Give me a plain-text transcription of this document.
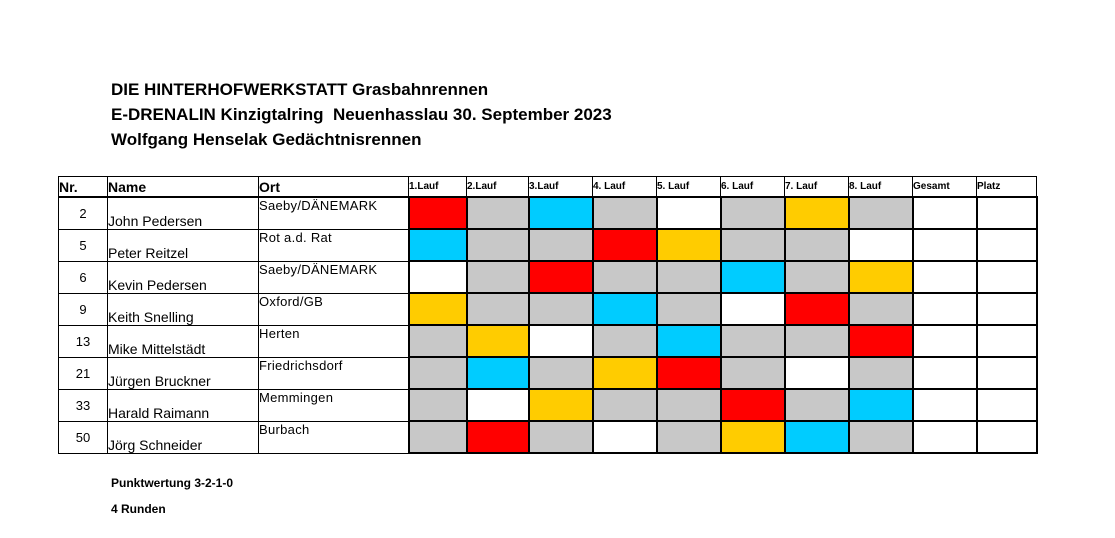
DIE HINTERHOFWERKSTATT Grasbahnrennen
E-DRENALIN Kinzigtalring  Neuenhasslau 30. September 2023
Wolfgang Henselak Gedächtnisrennen
Nr.	Name	Ort	1.Lauf	2.Lauf	3.Lauf	4. Lauf	5. Lauf	6. Lauf	7. Lauf	8. Lauf	Gesamt	Platz
2	John Pedersen	Saeby/DÄNEMARK										
5	Peter Reitzel	Rot a.d. Rat										
6	Kevin Pedersen	Saeby/DÄNEMARK										
9	Keith Snelling	Oxford/GB										
13	Mike Mittelstädt	Herten										
21	Jürgen Bruckner	Friedrichsdorf										
33	Harald Raimann	Memmingen										
50	Jörg Schneider	Burbach										
Punktwertung 3-2-1-0
4 Runden
